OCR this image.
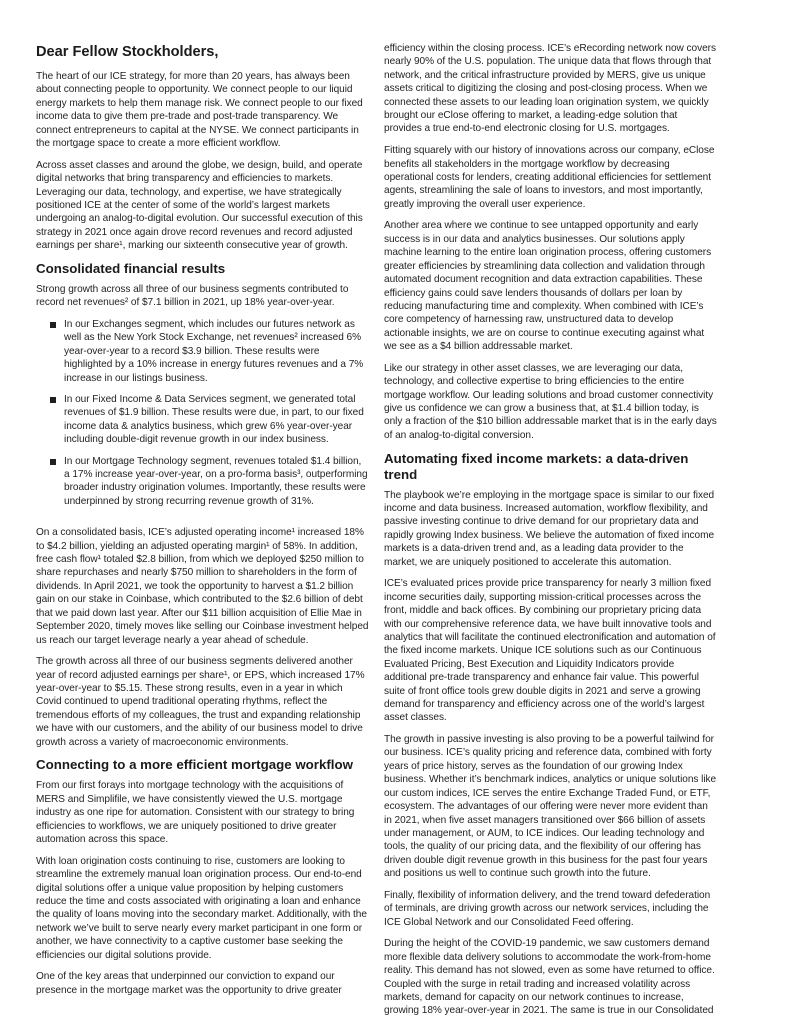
Dear Fellow Stockholders,

The heart of our ICE strategy, for more than 20 years, has always been about connecting people to opportunity. We connect people to our liquid energy markets to help them manage risk. We connect people to our fixed income data to give them pre-trade and post-trade transparency. We connect entrepreneurs to capital at the NYSE. We connect participants in the mortgage space to create a more efficient workflow.

Across asset classes and around the globe, we design, build, and operate digital networks that bring transparency and efficiencies to markets. Leveraging our data, technology, and expertise, we have strategically positioned ICE at the center of some of the world’s largest markets undergoing an analog-to-digital evolution. Our successful execution of this strategy in 2021 once again drove record revenues and record adjusted earnings per share¹, marking our sixteenth consecutive year of growth.

Consolidated financial results

Strong growth across all three of our business segments contributed to record net revenues² of $7.1 billion in 2021, up 18% year-over-year.

In our Exchanges segment, which includes our futures network as well as the New York Stock Exchange, net revenues² increased 6% year-over-year to a record $3.9 billion. These results were highlighted by a 10% increase in energy futures revenues and a 7% increase in our listings business.

In our Fixed Income & Data Services segment, we generated total revenues of $1.9 billion. These results were due, in part, to our fixed income data & analytics business, which grew 6% year-over-year including double-digit revenue growth in our index business.

In our Mortgage Technology segment, revenues totaled $1.4 billion, a 17% increase year-over-year, on a pro-forma basis³, outperforming broader industry origination volumes. Importantly, these results were underpinned by strong recurring revenue growth of 31%.

On a consolidated basis, ICE’s adjusted operating income¹ increased 18% to $4.2 billion, yielding an adjusted operating margin¹ of 58%. In addition, free cash flow¹ totaled $2.8 billion, from which we deployed $250 million to share repurchases and nearly $750 million to shareholders in the form of dividends. In April 2021, we took the opportunity to harvest a $1.2 billion gain on our stake in Coinbase, which contributed to the $2.6 billion of debt that we paid down last year. After our $11 billion acquisition of Ellie Mae in September 2020, timely moves like selling our Coinbase investment helped us reach our target leverage nearly a year ahead of schedule.

The growth across all three of our business segments delivered another year of record adjusted earnings per share¹, or EPS, which increased 17% year-over-year to $5.15. These strong results, even in a year in which Covid continued to upend traditional operating rhythms, reflect the tremendous efforts of my colleagues, the trust and expanding relationship we have with our customers, and the ability of our business model to drive growth across a variety of macroeconomic environments.

Connecting to a more efficient mortgage workflow

From our first forays into mortgage technology with the acquisitions of MERS and Simplifile, we have consistently viewed the U.S. mortgage industry as one ripe for automation. Consistent with our strategy to bring efficiencies to workflows, we are uniquely positioned to drive greater automation across this space.

With loan origination costs continuing to rise, customers are looking to streamline the extremely manual loan origination process. Our end-to-end digital solutions offer a unique value proposition by helping customers reduce the time and costs associated with originating a loan and enhance the quality of loans moving into the secondary market. Additionally, with the network we’ve built to serve nearly every market participant in one form or another, we have connectivity to a captive customer base seeking the efficiencies our digital solutions provide.

One of the key areas that underpinned our conviction to expand our presence in the mortgage market was the opportunity to drive greater

efficiency within the closing process. ICE’s eRecording network now covers nearly 90% of the U.S. population. The unique data that flows through that network, and the critical infrastructure provided by MERS, give us unique assets critical to digitizing the closing and post-closing process. When we connected these assets to our leading loan origination system, we quickly brought our eClose offering to market, a leading-edge solution that provides a true end-to-end electronic closing for U.S. mortgages.

Fitting squarely with our history of innovations across our company, eClose benefits all stakeholders in the mortgage workflow by decreasing operational costs for lenders, creating additional efficiencies for settlement agents, streamlining the sale of loans to investors, and most importantly, greatly improving the overall user experience.

Another area where we continue to see untapped opportunity and early success is in our data and analytics businesses. Our solutions apply machine learning to the entire loan origination process, offering customers greater efficiencies by streamlining data collection and validation through automated document recognition and data extraction capabilities. These efficiency gains could save lenders thousands of dollars per loan by reducing manufacturing time and complexity. When combined with ICE’s core competency of harnessing raw, unstructured data to develop actionable insights, we are on course to continue executing against what we see as a $4 billion addressable market.

Like our strategy in other asset classes, we are leveraging our data, technology, and collective expertise to bring efficiencies to the entire mortgage workflow. Our leading solutions and broad customer connectivity give us confidence we can grow a business that, at $1.4 billion today, is only a fraction of the $10 billion addressable market that is in the early days of an analog-to-digital conversion.

Automating fixed income markets: a data-driven trend

The playbook we’re employing in the mortgage space is similar to our fixed income and data business. Increased automation, workflow flexibility, and passive investing continue to drive demand for our proprietary data and rapidly growing Index business. We believe the automation of fixed income markets is a data-driven trend and, as a leading data provider to the market, we are uniquely positioned to accelerate this automation.

ICE’s evaluated prices provide price transparency for nearly 3 million fixed income securities daily, supporting mission-critical processes across the front, middle and back offices. By combining our proprietary pricing data with our comprehensive reference data, we have built innovative tools and analytics that will facilitate the continued electronification and automation of the fixed income markets. Unique ICE solutions such as our Continuous Evaluated Pricing, Best Execution and Liquidity Indicators provide additional pre-trade transparency and enhance fair value. This powerful suite of front office tools grew double digits in 2021 and serve a growing demand for transparency and efficiency across one of the world’s largest asset classes.

The growth in passive investing is also proving to be a powerful tailwind for our business. ICE’s quality pricing and reference data, combined with forty years of price history, serves as the foundation of our growing Index business. Whether it’s benchmark indices, analytics or unique solutions like our custom indices, ICE serves the entire Exchange Traded Fund, or ETF, ecosystem. The advantages of our offering were never more evident than in 2021, when five asset managers transitioned over $66 billion of assets under management, or AUM, to ICE indices. Our leading technology and tools, the quality of our pricing data, and the flexibility of our offering has driven double digit revenue growth in this business for the past four years and positions us well to continue such growth into the future.

Finally, flexibility of information delivery, and the trend toward defederation of terminals, are driving growth across our network services, including the ICE Global Network and our Consolidated Feed offering.

During the height of the COVID-19 pandemic, we saw customers demand more flexible data delivery solutions to accommodate the work-from-home reality. This demand has not slowed, even as some have returned to office. Coupled with the surge in retail trading and increased volatility across markets, demand for capacity on our network continues to increase, growing 18% year-over-year in 2021. The same is true in our Consolidated
